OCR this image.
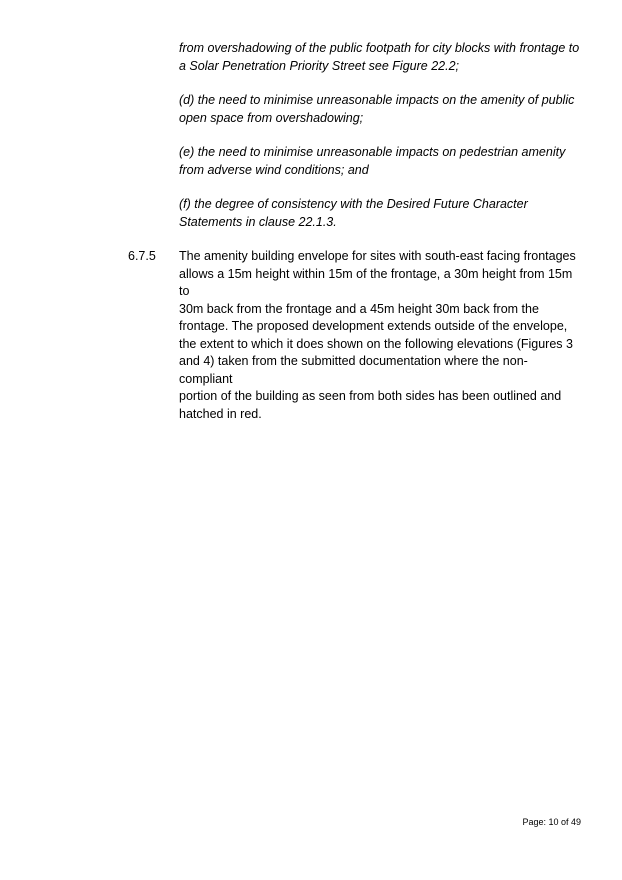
from overshadowing of the public footpath for city blocks with frontage to

a Solar Penetration Priority Street see Figure 22.2;

(d) the need to minimise unreasonable impacts on the amenity of public

open space from overshadowing;

(e) the need to minimise unreasonable impacts on pedestrian amenity

from adverse wind conditions; and

(f) the degree of consistency with the Desired Future Character

Statements in clause 22.1.3.

6.7.5 The amenity building envelope for sites with south-east facing frontages
allows a 15m height within 15m of the frontage, a 30m height from 15m to
30m back from the frontage and a 45m height 30m back from the
frontage. The proposed development extends outside of the envelope,
the extent to which it does shown on the following elevations (Figures 3
and 4) taken from the submitted documentation where the non-compliant
portion of the building as seen from both sides has been outlined and
hatched in red.
Page: 10 of 49
